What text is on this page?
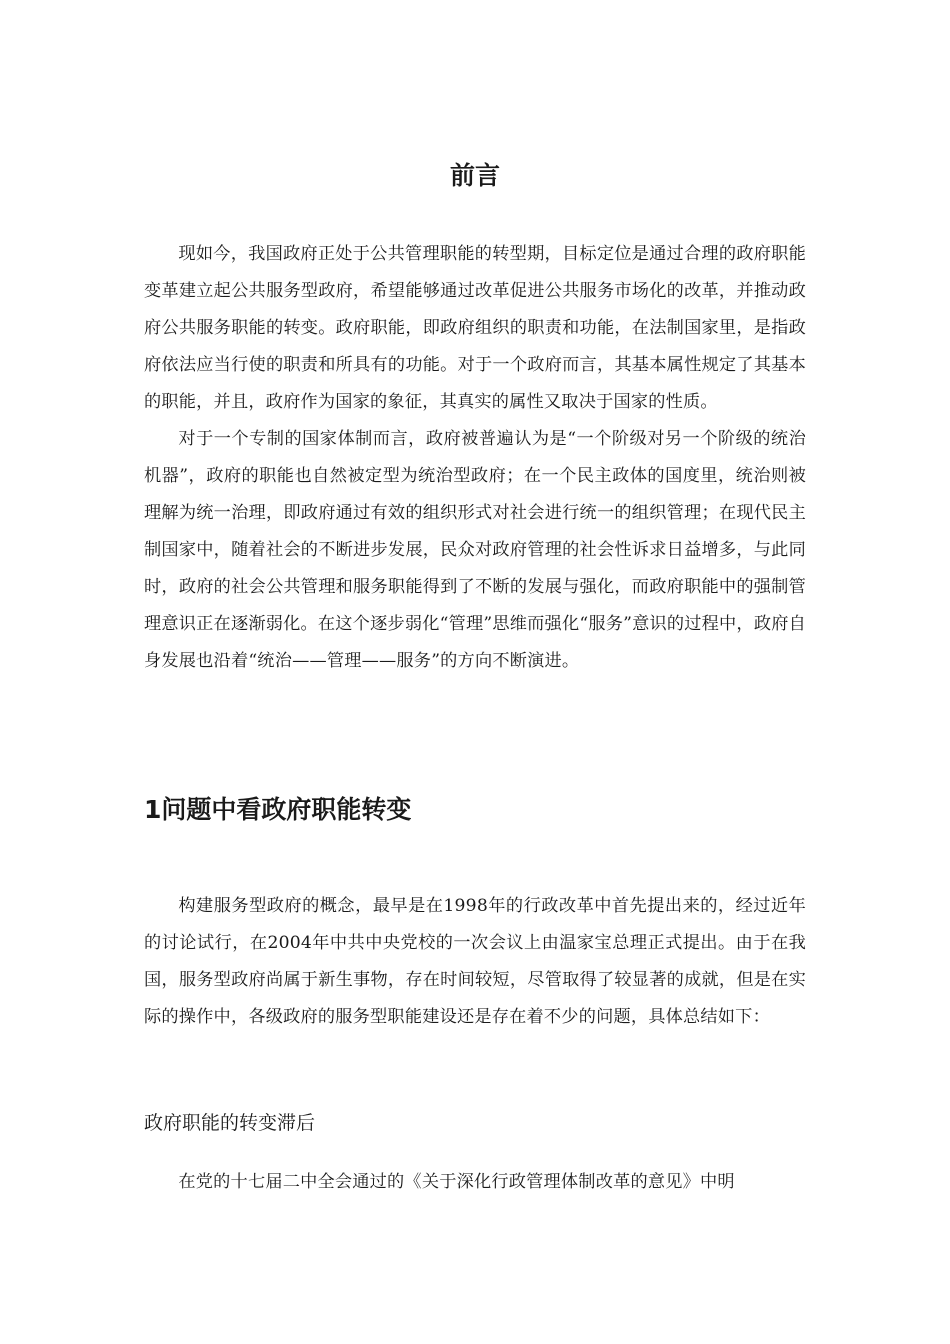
前言

现如今，我国政府正处于公共管理职能的转型期，目标定位是通过合理的政府职能变革建立起公共服务型政府，希望能够通过改革促进公共服务市场化的改革，并推动政府公共服务职能的转变。政府职能，即政府组织的职责和功能，在法制国家里，是指政府依法应当行使的职责和所具有的功能。对于一个政府而言，其基本属性规定了其基本的职能，并且，政府作为国家的象征，其真实的属性又取决于国家的性质。

对于一个专制的国家体制而言，政府被普遍认为是“一个阶级对另一个阶级的统治机器”，政府的职能也自然被定型为统治型政府；在一个民主政体的国度里，统治则被理解为统一治理，即政府通过有效的组织形式对社会进行统一的组织管理；在现代民主制国家中，随着社会的不断进步发展，民众对政府管理的社会性诉求日益增多，与此同时，政府的社会公共管理和服务职能得到了不断的发展与强化，而政府职能中的强制管理意识正在逐渐弱化。在这个逐步弱化“管理”思维而强化“服务”意识的过程中，政府自身发展也沿着“统治——管理——服务”的方向不断演进。

1问题中看政府职能转变

构建服务型政府的概念，最早是在1998年的行政改革中首先提出来的，经过近年的讨论试行，在2004年中共中央党校的一次会议上由温家宝总理正式提出。由于在我国，服务型政府尚属于新生事物，存在时间较短，尽管取得了较显著的成就，但是在实际的操作中，各级政府的服务型职能建设还是存在着不少的问题，具体总结如下：

政府职能的转变滞后

在党的十七届二中全会通过的《关于深化行政管理体制改革的意见》中明
